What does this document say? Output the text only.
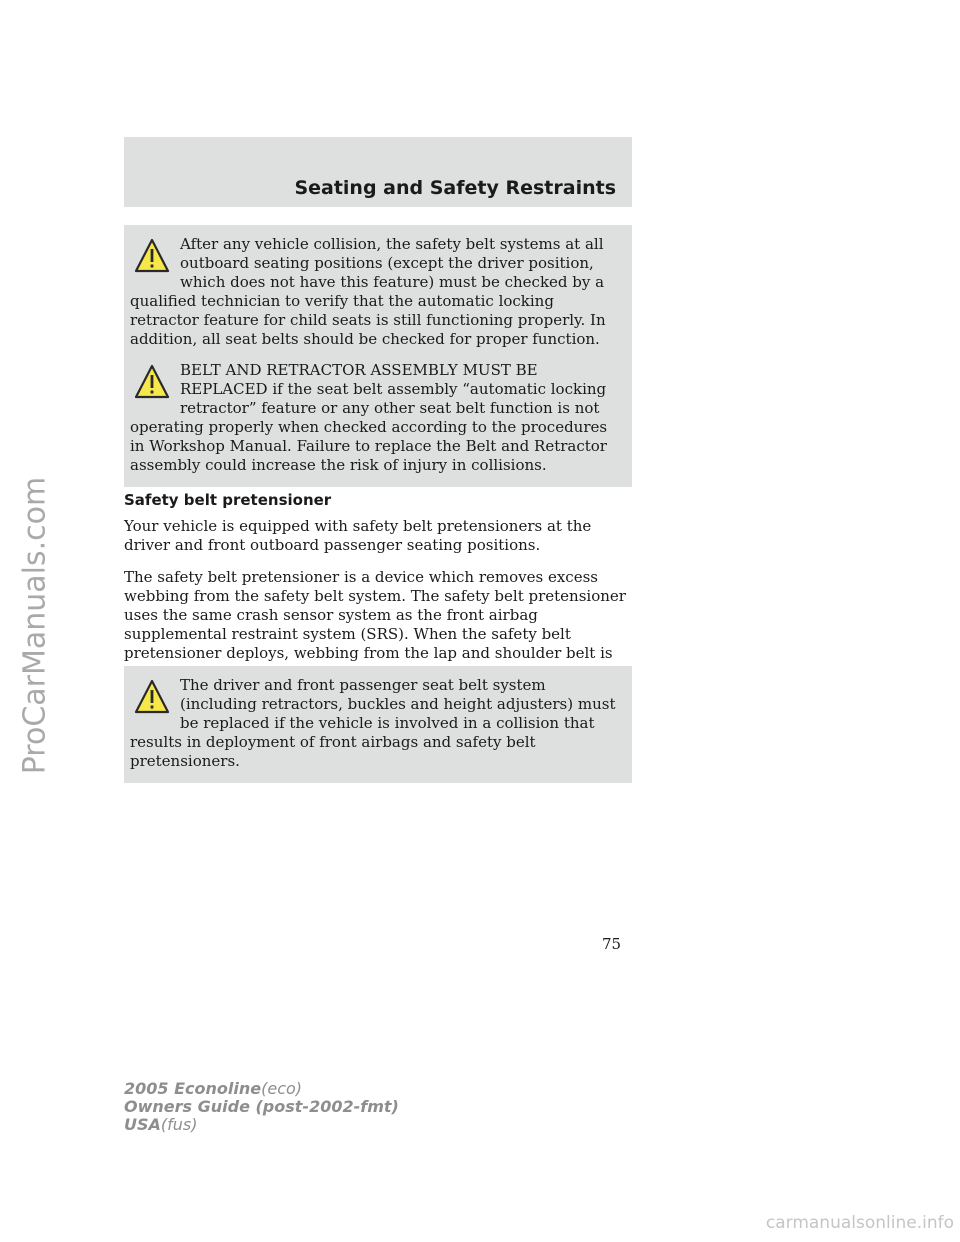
ProCarManuals.com
Seating and Safety Restraints

After any vehicle collision, the safety belt systems at all outboard seating positions (except the driver position, which does not have this feature) must be checked by a qualified technician to verify that the automatic locking retractor feature for child seats is still functioning properly. In addition, all seat belts should be checked for proper function.

BELT AND RETRACTOR ASSEMBLY MUST BE REPLACED if the seat belt assembly “automatic locking retractor” feature or any other seat belt function is not operating properly when checked according to the procedures in Workshop Manual. Failure to replace the Belt and Retractor assembly could increase the risk of injury in collisions.

Safety belt pretensioner

Your vehicle is equipped with safety belt pretensioners at the driver and front outboard passenger seating positions.

The safety belt pretensioner is a device which removes excess webbing from the safety belt system. The safety belt pretensioner uses the same crash sensor system as the front airbag supplemental restraint system (SRS). When the safety belt pretensioner deploys, webbing from the lap and shoulder belt is

The driver and front passenger seat belt system (including retractors, buckles and height adjusters) must be replaced if the vehicle is involved in a collision that results in deployment of front airbags and safety belt pretensioners.

75

2005 Econoline(eco)
Owners Guide (post-2002-fmt)
USA(fus)

carmanualsonline.info
